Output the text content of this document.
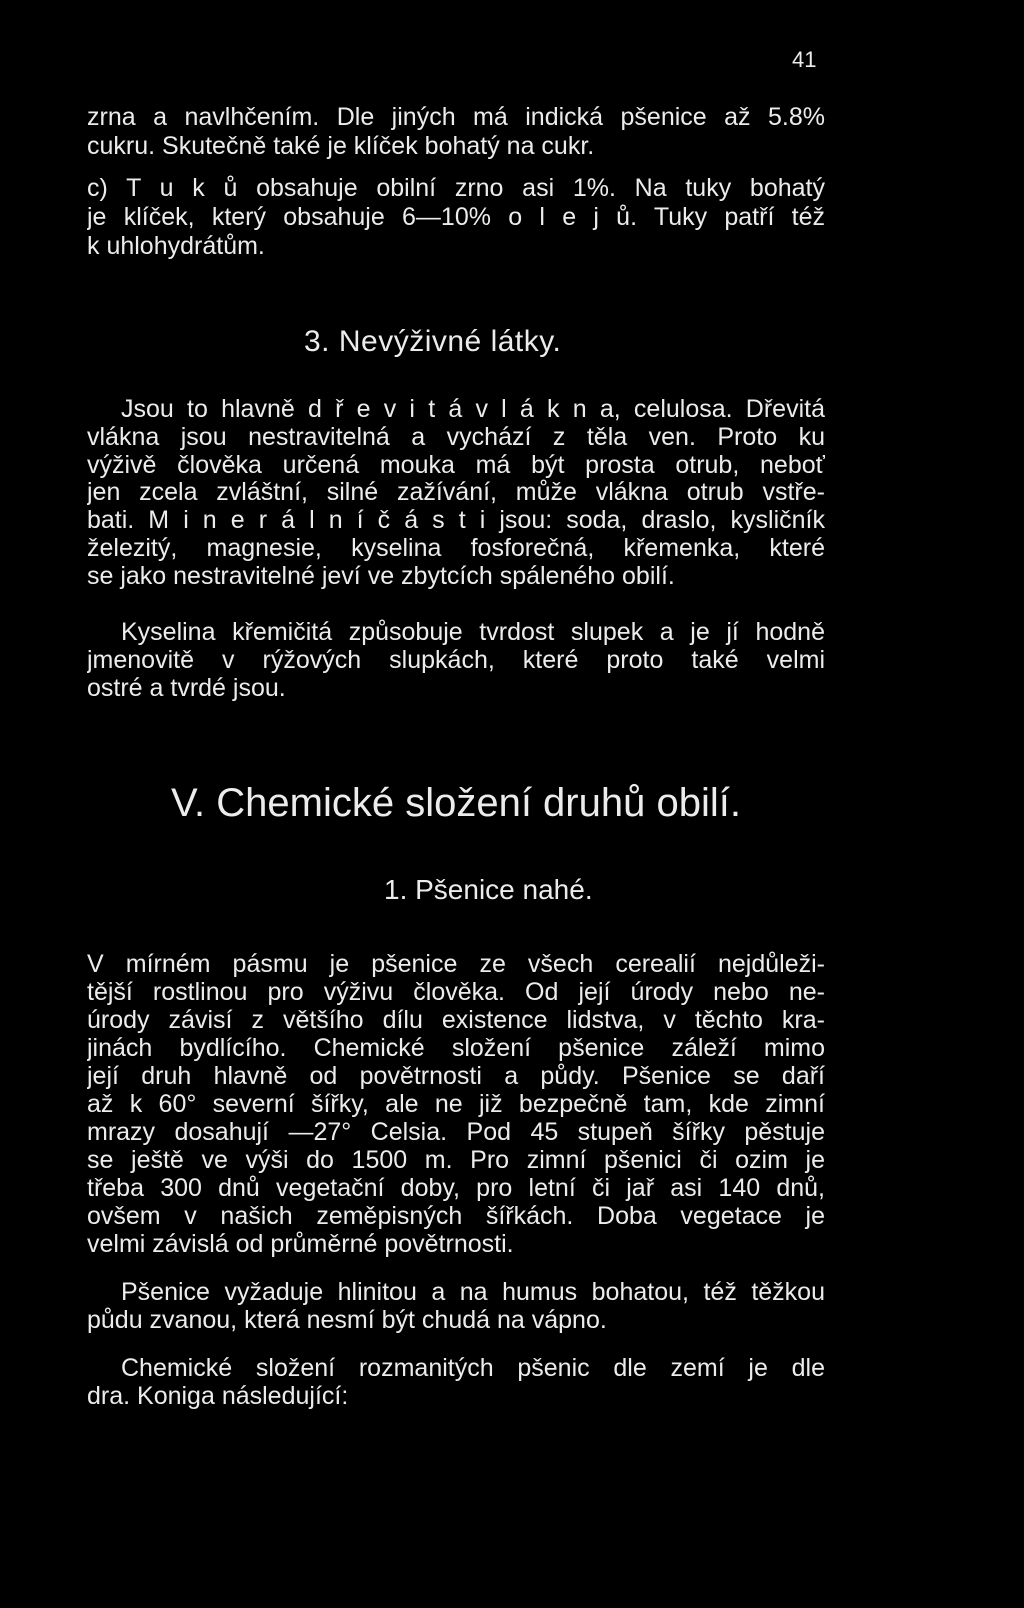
41
zrna a navlhčením. Dle jiných má indická pšenice až 5.8%
cukru. Skutečně také je klíček bohatý na cukr.
c) T u k ů obsahuje obilní zrno asi 1%. Na tuky bohatý
je klíček, který obsahuje 6—10% o l e j ů. Tuky patří též
k uhlohydrátům.
3. Nevýživné látky.
Jsou to hlavně d ř e v i t á v l á k n a, celulosa. Dřevitá
vlákna jsou nestravitelná a vychází z těla ven. Proto ku
výživě člověka určená mouka má být prosta otrub, neboť
jen zcela zvláštní, silné zažívání, může vlákna otrub vstře-
bati. M i n e r á l n í č á s t i jsou: soda, draslo, kysličník
železitý, magnesie, kyselina fosforečná, křemenka, které
se jako nestravitelné jeví ve zbytcích spáleného obilí.
Kyselina křemičitá způsobuje tvrdost slupek a je jí hodně
jmenovitě v rýžových slupkách, které proto také velmi
ostré a tvrdé jsou.
V. Chemické složení druhů obilí.
1. Pšenice nahé.
V mírném pásmu je pšenice ze všech cerealií nejdůleži-
tější rostlinou pro výživu člověka. Od její úrody nebo ne-
úrody závisí z většího dílu existence lidstva, v těchto kra-
jinách bydlícího. Chemické složení pšenice záleží mimo
její druh hlavně od povětrnosti a půdy. Pšenice se daří
až k 60° severní šířky, ale ne již bezpečně tam, kde zimní
mrazy dosahují —27° Celsia. Pod 45 stupeň šířky pěstuje
se ještě ve výši do 1500 m. Pro zimní pšenici či ozim je
třeba 300 dnů vegetační doby, pro letní či jař asi 140 dnů,
ovšem v našich zeměpisných šířkách. Doba vegetace je
velmi závislá od průměrné povětrnosti.
Pšenice vyžaduje hlinitou a na humus bohatou, též těžkou
půdu zvanou, která nesmí být chudá na vápno.
Chemické složení rozmanitých pšenic dle zemí je dle
dra. Koniga následující:
